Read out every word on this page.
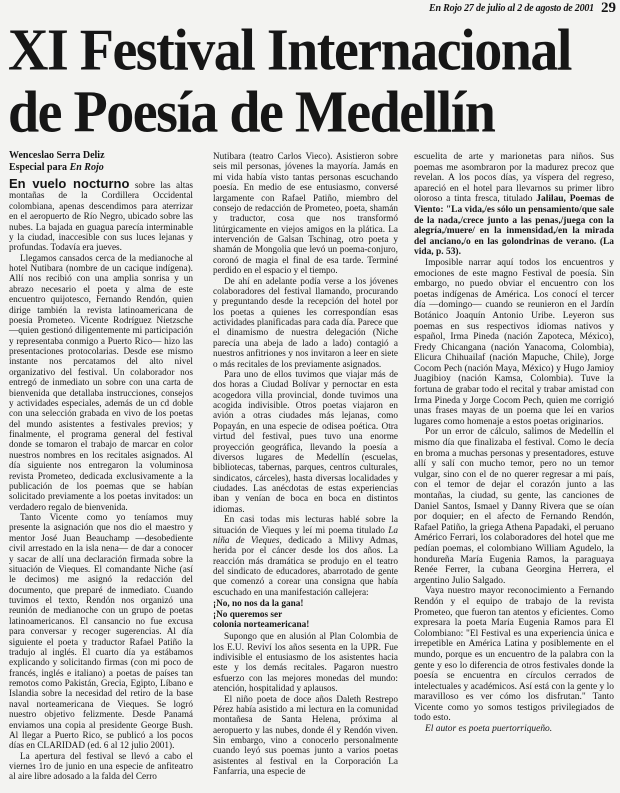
En Rojo 27 de julio al 2 de agosto de 2001 29
XI Festival Internacional de Poesía de Medellín
Wenceslao Serra Deliz
Especial para En Rojo

En vuelo nocturno sobre las altas montañas de la Cordillera Occidental colombiana, apenas descendimos para aterrizar en el aeropuerto de Río Negro, ubicado sobre las nubes. La bajada en guagua parecía interminable y la ciudad, inaccesible con sus luces lejanas y profundas. Todavía era jueves.

Llegamos cansados cerca de la medianoche al hotel Nutibara (nombre de un cacique indígena). Allí nos recibió con una amplia sonrisa y un abrazo necesario el poeta y alma de este encuentro quijotesco, Fernando Rendón, quien dirige también la revista latinoamericana de poesía Prometeo. Vicente Rodríguez Nietzsche —quien gestionó diligentemente mi participación y representaba conmigo a Puerto Rico— hizo las presentaciones protocolarias. Desde ese mismo instante nos percatamos del alto nivel organizativo del festival. Un colaborador nos entregó de inmediato un sobre con una carta de bienvenida que detallaba instrucciones, consejos y actividades especiales, además de un cd doble con una selección grabada en vivo de los poetas del mundo asistentes a festivales previos; y finalmente, el programa general del festival donde se tomaron el trabajo de marcar en color nuestros nombres en los recitales asignados. Al día siguiente nos entregaron la voluminosa revista Prometeo, dedicada exclusivamente a la publicación de los poemas que se habían solicitado previamente a los poetas invitados: un verdadero regalo de bienvenida.

Tanto Vicente como yo teníamos muy presente la asignación que nos dio el maestro y mentor José Juan Beauchamp —desobediente civil arrestado en la isla nena— de dar a conocer y sacar de allí una declaración firmada sobre la situación de Vieques. El comandante Niche (así le decimos) me asignó la redacción del documento, que preparé de inmediato. Cuando tuvimos el texto, Rendón nos organizó una reunión de medianoche con un grupo de poetas latinoamericanos. El cansancio no fue excusa para conversar y recoger sugerencias. Al día siguiente el poeta y traductor Rafael Patiño la tradujo al inglés. El cuarto día ya estábamos explicando y solicitando firmas (con mi poco de francés, inglés e italiano) a poetas de países tan remotos como Pakistán, Grecia, Egipto, Líbano e Islandia sobre la necesidad del retiro de la base naval norteamericana de Vieques. Se logró nuestro objetivo felizmente. Desde Panamá enviamos una copia al presidente George Bush. Al llegar a Puerto Rico, se publicó a los pocos días en CLARIDAD (ed. 6 al 12 julio 2001).

La apertura del festival se llevó a cabo el viernes 1ro de junio en una especie de anfiteatro al aire libre adosado a la falda del Cerro

Nutibara (teatro Carlos Vieco). Asistieron sobre seis mil personas, jóvenes la mayoría. Jamás en mi vida había visto tantas personas escuchando poesía. En medio de ese entusiasmo, conversé largamente con Rafael Patiño, miembro del consejo de redacción de Prometeo, poeta, shamán y traductor, cosa que nos transformó litúrgicamente en viejos amigos en la plática. La intervención de Galsan Tschinag, otro poeta y shamán de Mongolia que levó un poema-conjuro, coronó de magia el final de esa tarde. Terminé perdido en el espacio y el tiempo.

De ahí en adelante podía verse a los jóvenes colaboradores del festival llamando, procurando y preguntando desde la recepción del hotel por los poetas a quienes les correspondían esas actividades planificadas para cada día. Parece que el dinamismo de nuestra delegación (Niche parecía una abeja de lado a lado) contagió a nuestros anfitriones y nos invitaron a leer en siete o más recitales de los previamente asignados.

Para uno de ellos tuvimos que viajar más de dos horas a Ciudad Bolívar y pernoctar en esta acogedora villa provincial, donde tuvimos una acogida indivisible. Otros poetas viajaron en avión a otras ciudades más lejanas, como Popayán, en una especie de odisea poética. Otra virtud del festival, pues tuvo una enorme proyección geográfica, llevando la poesía a diversos lugares de Medellín (escuelas, bibliotecas, tabernas, parques, centros culturales, sindicatos, cárceles), hasta diversas localidades y ciudades. Las anécdotas de estas experiencias iban y venían de boca en boca en distintos idiomas.

En casi todas mis lecturas hablé sobre la situación de Vieques y leí mi poema titulado La niña de Vieques, dedicado a Milivy Admas, herida por el cáncer desde los dos años. La reacción más dramática se produjo en el teatro del sindicato de educadores, abarrotado de gente que comenzó a corear una consigna que había escuchado en una manifestación callejera:

¡No, no nos da la gana!
¡No queremos ser
colonia norteamericana!

Supongo que en alusión al Plan Colombia de los E.U. Reviví los años sesenta en la UPR. Fue indivisible el entusiasmo de los asistentes hacia este y los demás recitales. Pagaron nuestro esfuerzo con las mejores monedas del mundo: atención, hospitalidad y aplausos.

El niño poeta de doce años Daleth Restrepo Pérez había asistido a mi lectura en la comunidad montañesa de Santa Helena, próxima al aeropuerto y las nubes, donde él y Rendón viven. Sin embargo, vino a conocerlo personalmente cuando leyó sus poemas junto a varios poetas asistentes al festival en la Corporación La Fanfarria, una especie de

escuelita de arte y marionetas para niños. Sus poemas me asombraron por la madurez precoz que revelan. A los pocos días, ya víspera del regreso, apareció en el hotel para llevarnos su primer libro oloroso a tinta fresca, titulado Jalilau, Poemas de Viento: "La vida,/es sólo un pensamiento/que sale de la nada,/crece junto a las penas,/juega con la alegría,/muere/ en la inmensidad,/en la mirada del anciano,/o en las golondrinas de verano. (La vida, p. 53).

Imposible narrar aquí todos los encuentros y emociones de este magno Festival de poesía. Sin embargo, no puedo obviar el encuentro con los poetas indígenas de América. Los conocí el tercer día —domingo— cuando se reunieron en el Jardín Botánico Joaquín Antonio Uribe. Leyeron sus poemas en sus respectivos idiomas nativos y español, Irma Pineda (nación Zapoteca, México), Fredy Chicangana (nación Yanacoma, Colombia), Elicura Chihuailaf (nación Mapuche, Chile), Jorge Cocom Pech (nación Maya, México) y Hugo Jamioy Juagibioy (nación Kamsa, Colombia). Tuve la fortuna de grabar todo el recital y trabar amistad con Irma Pineda y Jorge Cocom Pech, quien me corrigió unas frases mayas de un poema que leí en varios lugares como homenaje a estos poetas originarios.

Por un error de cálculo, salimos de Medellín el mismo día que finalizaba el festival. Como le decía en broma a muchas personas y presentadores, estuve allí y salí con mucho temor, pero no un temor vulgar, sino con el de no querer regresar a mi país, con el temor de dejar el corazón junto a las montañas, la ciudad, su gente, las canciones de Daniel Santos, Ismael y Danny Rivera que se oían por doquier; en el afecto de Fernando Rendón, Rafael Patiño, la griega Athena Papadaki, el peruano Américo Ferrari, los colaboradores del hotel que me pedían poemas, el colombiano William Agudelo, la hondureña María Eugenia Ramos, la paraguaya Renée Ferrer, la cubana Georgina Herrera, el argentino Julio Salgado.

Vaya nuestro mayor reconocimiento a Fernando Rendón y el equipo de trabajo de la revista Prometeo, que fueron tan atentos y eficientes. Como expresara la poeta María Eugenia Ramos para El Colombiano: "El Festival es una experiencia única e irrepetible en América Latina y posiblemente en el mundo, porque es un encuentro de la palabra con la gente y eso lo diferencia de otros festivales donde la poesía se encuentra en círculos cerrados de intelectuales y académicos. Así está con la gente y lo maravilloso es ver cómo los disfrutan." Tanto Vicente como yo somos testigos privilegiados de todo esto.

El autor es poeta puertorriqueño.
